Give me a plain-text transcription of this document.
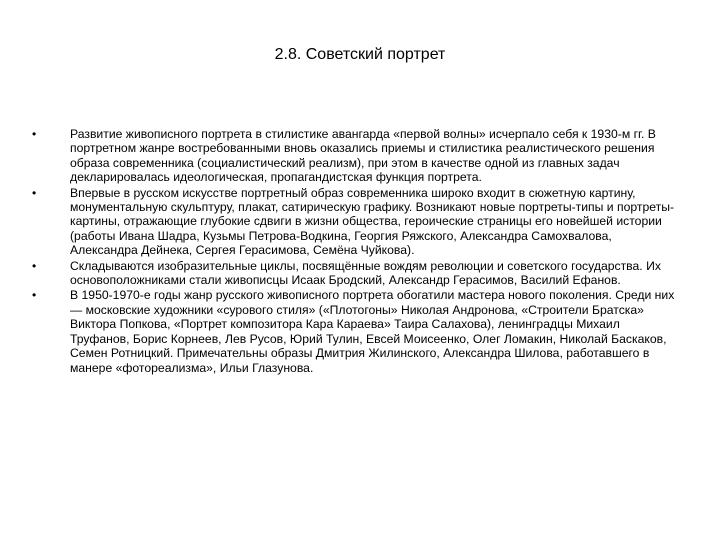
2.8. Советский портрет
•	Развитие живописного портрета в стилистике авангарда «первой волны» исчерпало себя к 1930-м гг. В портретном жанре востребованными вновь оказались приемы и стилистика реалистического решения образа современника (социалистический реализм), при этом в качестве одной из главных задач декларировалась идеологическая, пропагандистская функция портрета.
•	Впервые в русском искусстве портретный образ современника широко входит в сюжетную картину, монументальную скульптуру, плакат, сатирическую графику. Возникают новые портреты-типы и портреты-картины, отражающие глубокие сдвиги в жизни общества, героические страницы его новейшей истории (работы Ивана Шадра, Кузьмы Петрова-Водкина, Георгия Ряжского, Александра Самохвалова, Александра Дейнека, Сергея Герасимова, Семёна Чуйкова).
•	Складываются изобразительные циклы, посвящённые вождям революции и советского государства. Их основоположниками стали живописцы Исаак Бродский, Александр Герасимов, Василий Ефанов.
•	В 1950-1970-е годы жанр русского живописного портрета обогатили мастера нового поколения. Среди них — московские художники «сурового стиля» («Плотогоны» Николая Андронова, «Строители Братска» Виктора Попкова, «Портрет композитора Кара Караева» Таира Салахова), ленинградцы Михаил Труфанов, Борис Корнеев, Лев Русов, Юрий Тулин, Евсей Моисеенко, Олег Ломакин, Николай Баскаков, Семен Ротницкий. Примечательны образы Дмитрия Жилинского, Александра Шилова, работавшего в манере «фотореализма», Ильи Глазунова.
